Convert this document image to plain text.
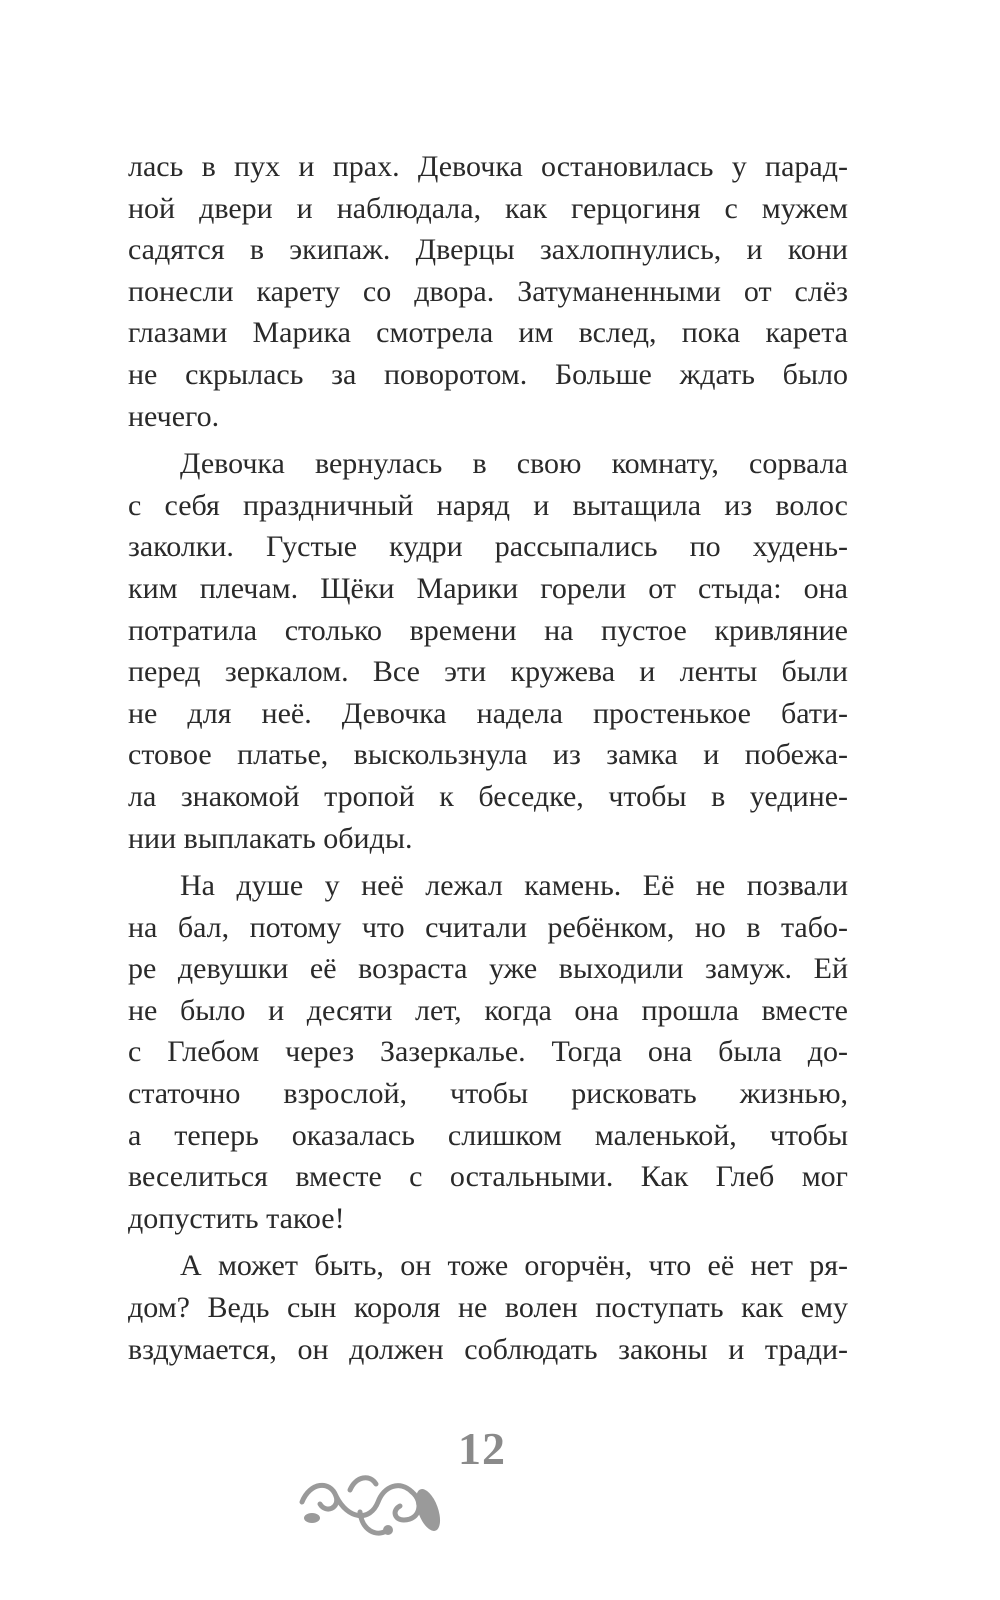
лась в пух и прах. Девочка остановилась у парад-
ной двери и наблюдала, как герцогиня с мужем
садятся в экипаж. Дверцы захлопнулись, и кони
понесли карету со двора. Затуманенными от слёз
глазами Марика смотрела им вслед, пока карета
не скрылась за поворотом. Больше ждать было
нечего.
Девочка вернулась в свою комнату, сорвала
с себя праздничный наряд и вытащила из волос
заколки. Густые кудри рассыпались по худень-
ким плечам. Щёки Марики горели от стыда: она
потратила столько времени на пустое кривляние
перед зеркалом. Все эти кружева и ленты были
не для неё. Девочка надела простенькое бати-
стовое платье, выскользнула из замка и побежа-
ла знакомой тропой к беседке, чтобы в уедине-
нии выплакать обиды.
На душе у неё лежал камень. Её не позвали
на бал, потому что считали ребёнком, но в табо-
ре девушки её возраста уже выходили замуж. Ей
не было и десяти лет, когда она прошла вместе
с Глебом через Зазеркалье. Тогда она была до-
статочно взрослой, чтобы рисковать жизнью,
а теперь оказалась слишком маленькой, чтобы
веселиться вместе с остальными. Как Глеб мог
допустить такое!
А может быть, он тоже огорчён, что её нет ря-
дом? Ведь сын короля не волен поступать как ему
вздумается, он должен соблюдать законы и тради-
12
